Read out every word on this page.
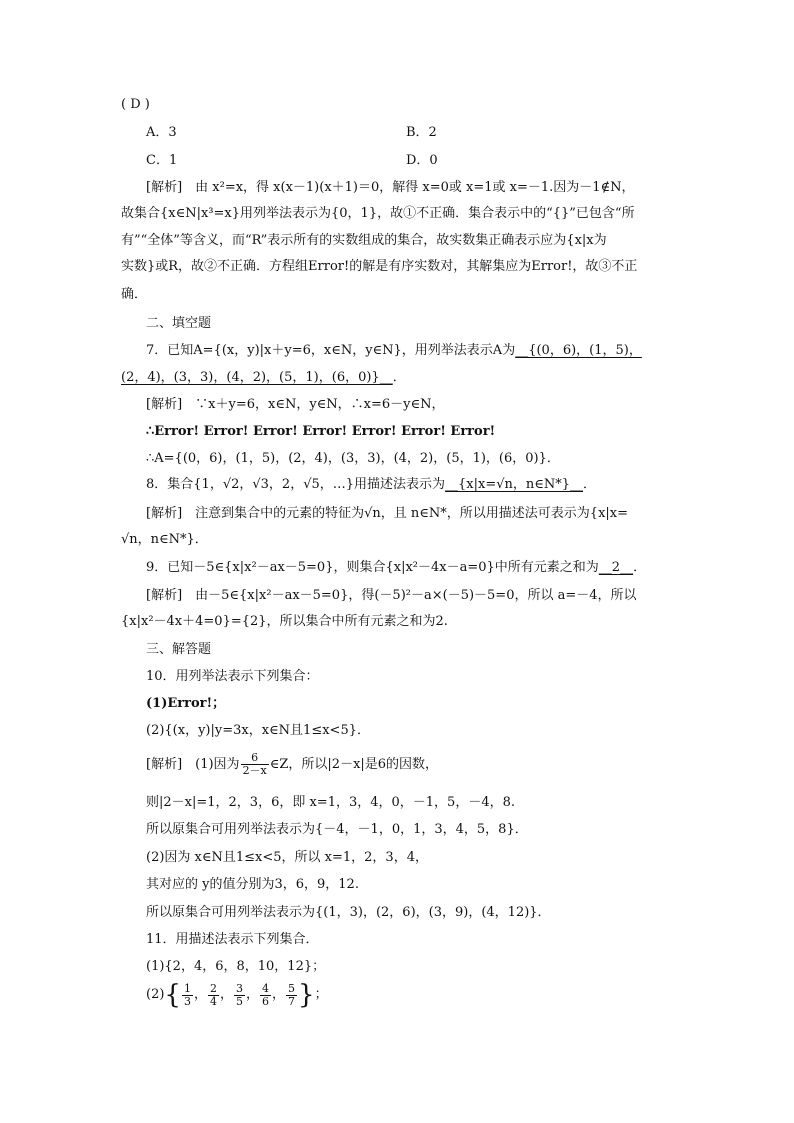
( D )
A．3	B．2
C．1	D．0
[解析]　由 x²=x，得 x(x－1)(x＋1)＝0，解得 x=0或 x=1或 x=－1.因为－1∉N，
故集合{x∈N|x³=x}用列举法表示为{0，1}，故①不正确．集合表示中的“{}”已包含“所
有”“全体”等含义，而“R”表示所有的实数组成的集合，故实数集正确表示应为{x|x为
实数}或R，故②不正确．方程组Error!的解是有序实数对，其解集应为Error!，故③不正
确．
二、填空题
7．已知A={(x，y)|x＋y=6，x∈N，y∈N}，用列举法表示A为__{(0，6)，(1，5)，
(2，4)，(3，3)，(4，2)，(5，1)，(6，0)}__．
[解析]　∵x＋y=6，x∈N，y∈N，∴x=6－y∈N，
∴Error! Error! Error! Error! Error! Error! Error!
∴A={(0，6)，(1，5)，(2，4)，(3，3)，(4，2)，(5，1)，(6，0)}．
8．集合{1，√2，√3，2，√5，…}用描述法表示为__{x|x=√n，n∈N*}__．
[解析]　注意到集合中的元素的特征为√n，且 n∈N*，所以用描述法可表示为{x|x=
√n，n∈N*}．
9．已知－5∈{x|x²－ax－5=0}，则集合{x|x²－4x－a=0}中所有元素之和为__2__．
[解析]　由－5∈{x|x²－ax－5=0}，得(－5)²－a×(－5)－5=0，所以 a=－4，所以
{x|x²－4x＋4=0}={2}，所以集合中所有元素之和为2.
三、解答题
10．用列举法表示下列集合：
(1)Error!；
(2){(x，y)|y=3x，x∈N且1≤x<5}．
[解析]　(1)因为 $\frac{6}{2-x}$ ∈Z，所以|2－x|是6的因数，
则|2－x|=1，2，3，6，即 x=1，3，4，0，－1，5，－4，8.
所以原集合可用列举法表示为{－4，－1，0，1，3，4，5，8}．
(2)因为 x∈N且1≤x<5，所以 x=1，2，3，4，
其对应的 y的值分别为3，6，9，12.
所以原集合可用列举法表示为{(1，3)，(2，6)，(3，9)，(4，12)}．
11．用描述法表示下列集合．
(1){2，4，6，8，10，12}；
$(2)\{ \frac{1}{3}$ ， $\frac{2}{4}$ ， $\frac{3}{5}$ ， $\frac{4}{6}$ ， $\frac{5}{7}$ }；
